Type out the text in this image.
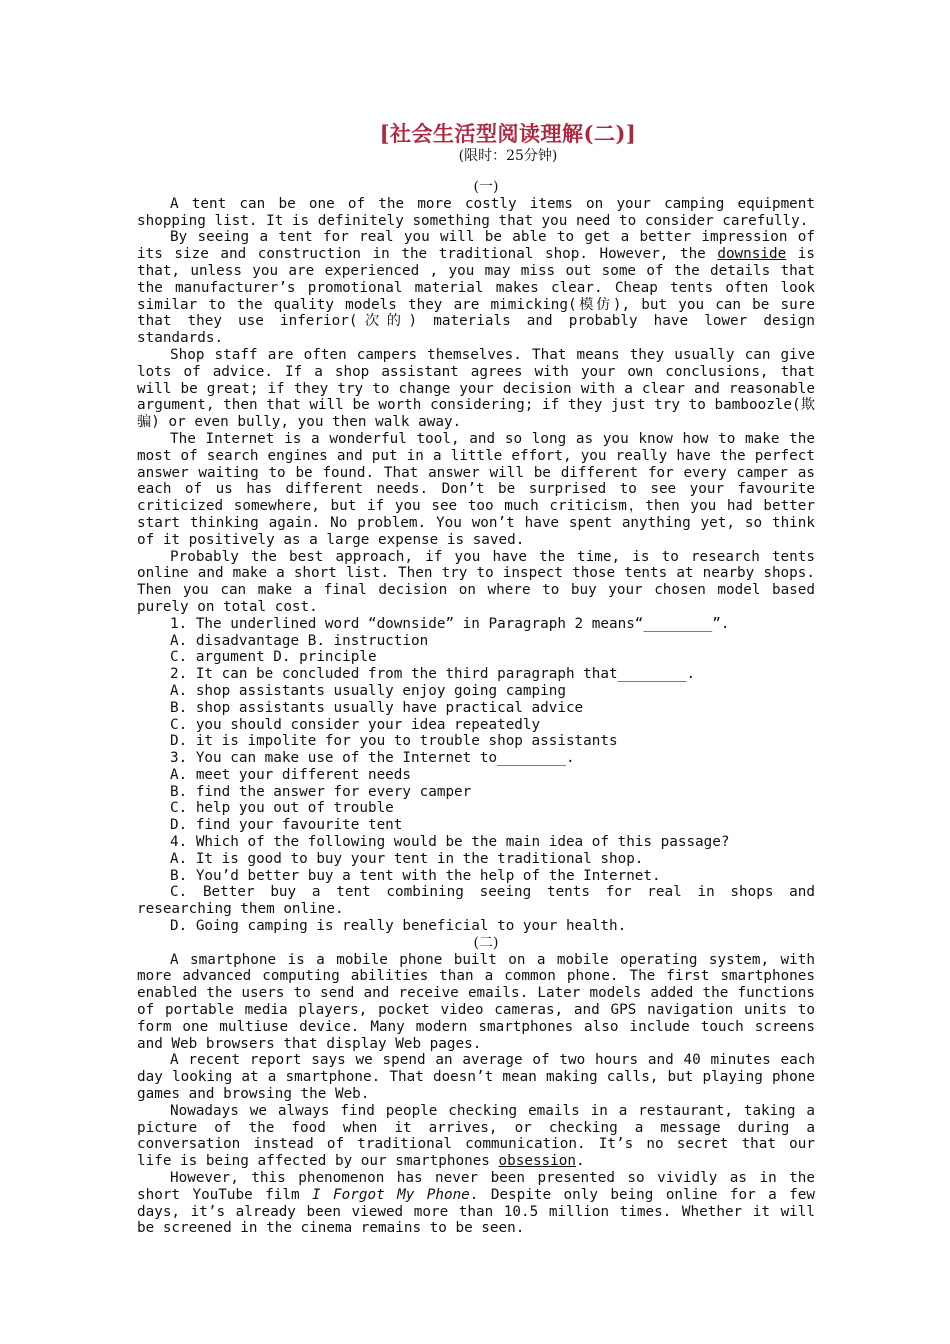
[社会生活型阅读理解(二)]
(限时：25分钟)
(一)

A tent can be one of the more costly items on your camping equipment shopping list. It is definitely something that you need to consider carefully.

By seeing a tent for real you will be able to get a better impression of its size and construction in the traditional shop. However, the downside is that, unless you are experienced , you may miss out some of the details that the manufacturer’s promotional material makes clear. Cheap tents often look similar to the quality models they are mimicking(模仿), but you can be sure that they use inferior(次的) materials and probably have lower design standards.

Shop staff are often campers themselves. That means they usually can give lots of advice. If a shop assistant agrees with your own conclusions, that will be great; if they try to change your decision with a clear and reasonable argument, then that will be worth considering; if they just try to bamboozle(欺骗) or even bully, you then walk away.

The Internet is a wonderful tool, and so long as you know how to make the most of search engines and put in a little effort, you really have the perfect answer waiting to be found. That answer will be different for every camper as each of us has different needs. Don’t be surprised to see your favourite criticized somewhere, but if you see too much criticism，then you had better start thinking again. No problem. You won’t have spent anything yet, so think of it positively as a large expense is saved.

Probably the best approach, if you have the time, is to research tents online and make a short list. Then try to inspect those tents at nearby shops. Then you can make a final decision on where to buy your chosen model based purely on total cost.

1. The underlined word “downside” in Paragraph 2 means“________”.

A. disadvantage B. instruction

C. argument D. principle

2. It can be concluded from the third paragraph that________.

A. shop assistants usually enjoy going camping

B. shop assistants usually have practical advice

C. you should consider your idea repeatedly

D. it is impolite for you to trouble shop assistants

3. You can make use of the Internet to________.

A. meet your different needs

B. find the answer for every camper

C. help you out of trouble

D. find your favourite tent

4. Which of the following would be the main idea of this passage?

A. It is good to buy your tent in the traditional shop.

B. You’d better buy a tent with the help of the Internet.

C. Better buy a tent combining seeing tents for real in shops and researching them online.

D. Going camping is really beneficial to your health.

(二)

A smartphone is a mobile phone built on a mobile operating system, with more advanced computing abilities than a common phone. The first smartphones enabled the users to send and receive emails. Later models added the functions of portable media players, pocket video cameras, and GPS navigation units to form one multiuse device. Many modern smartphones also include touch screens and Web browsers that display Web pages.

A recent report says we spend an average of two hours and 40 minutes each day looking at a smartphone. That doesn’t mean making calls, but playing phone games and browsing the Web.

Nowadays we always find people checking emails in a restaurant, taking a picture of the food when it arrives, or checking a message during a conversation instead of traditional communication. It’s no secret that our life is being affected by our smartphones obsession.

However, this phenomenon has never been presented so vividly as in the short YouTube film I Forgot My Phone. Despite only being online for a few days, it’s already been viewed more than 10.5 million times. Whether it will be screened in the cinema remains to be seen.
